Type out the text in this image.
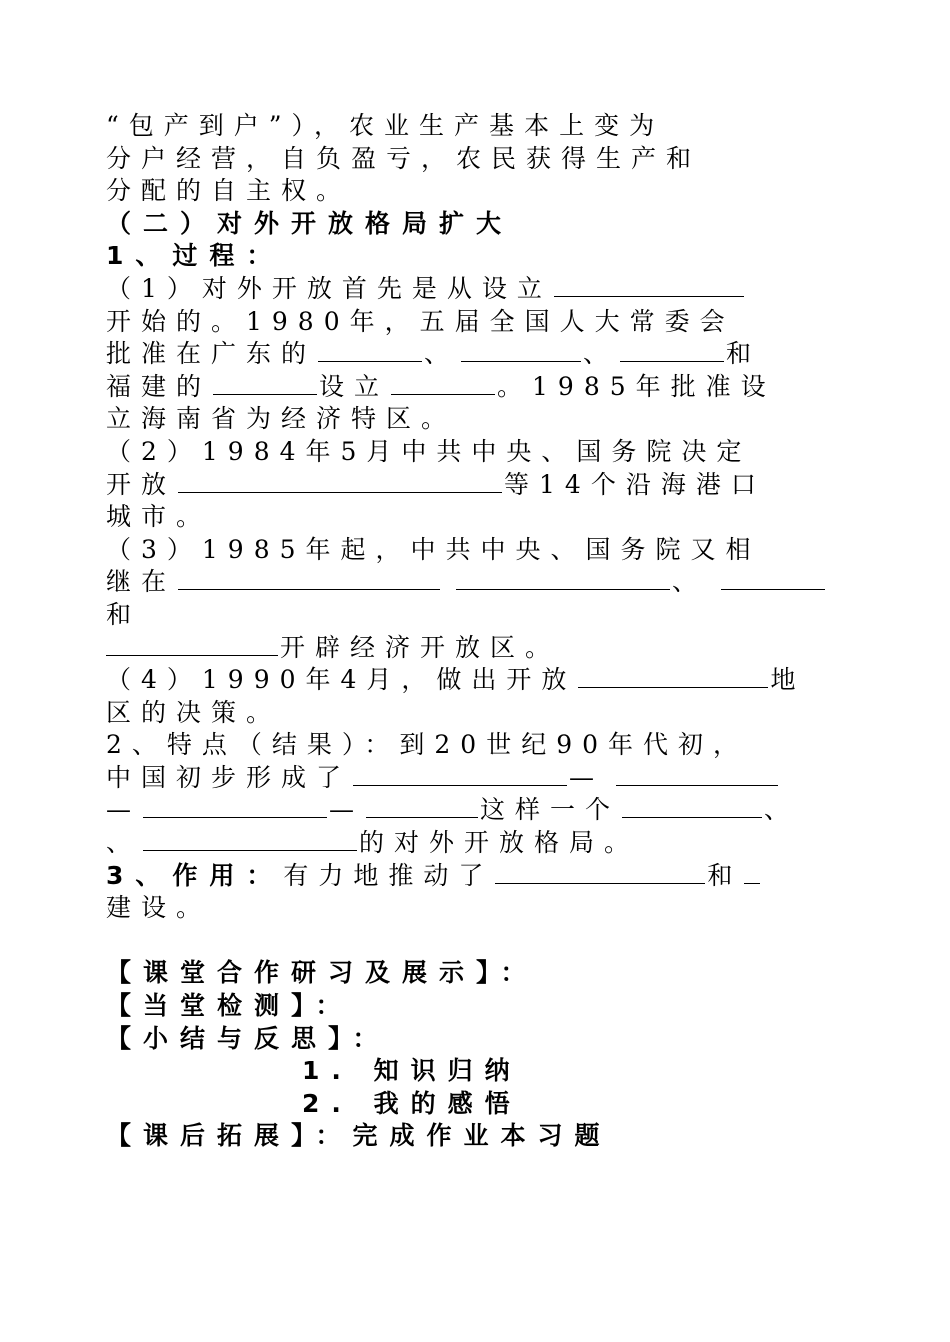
“包产到户”），农业生产基本上变为
分户经营，自负盈亏，农民获得生产和
分配的自主权。
（二）对外开放格局扩大
1、过程：
（1）对外开放首先是从设立
开始的。1980年，五届全国人大常委会
批准在广东的	、	、	和
福建的	设立	。1985年批准设
立海南省为经济特区。
（2）1984年5月中共中央、国务院决定
开放	等14个沿海港口
城市。
（3）1985年起，中共中央、国务院又相
继在	、
和
开辟经济开放区。
（4）1990年4月，做出开放	地
区的决策。
2、特点（结果）：到20世纪90年代初，
中国初步形成了	—
—	—	这样一个	、
、	的对外开放格局。
3、作用：有力地推动了	和
建设。
【课堂合作研习及展示】：
【当堂检测】：
【小结与反思】：
1. 知识归纳
2. 我的感悟
【课后拓展】：完成作业本习题
